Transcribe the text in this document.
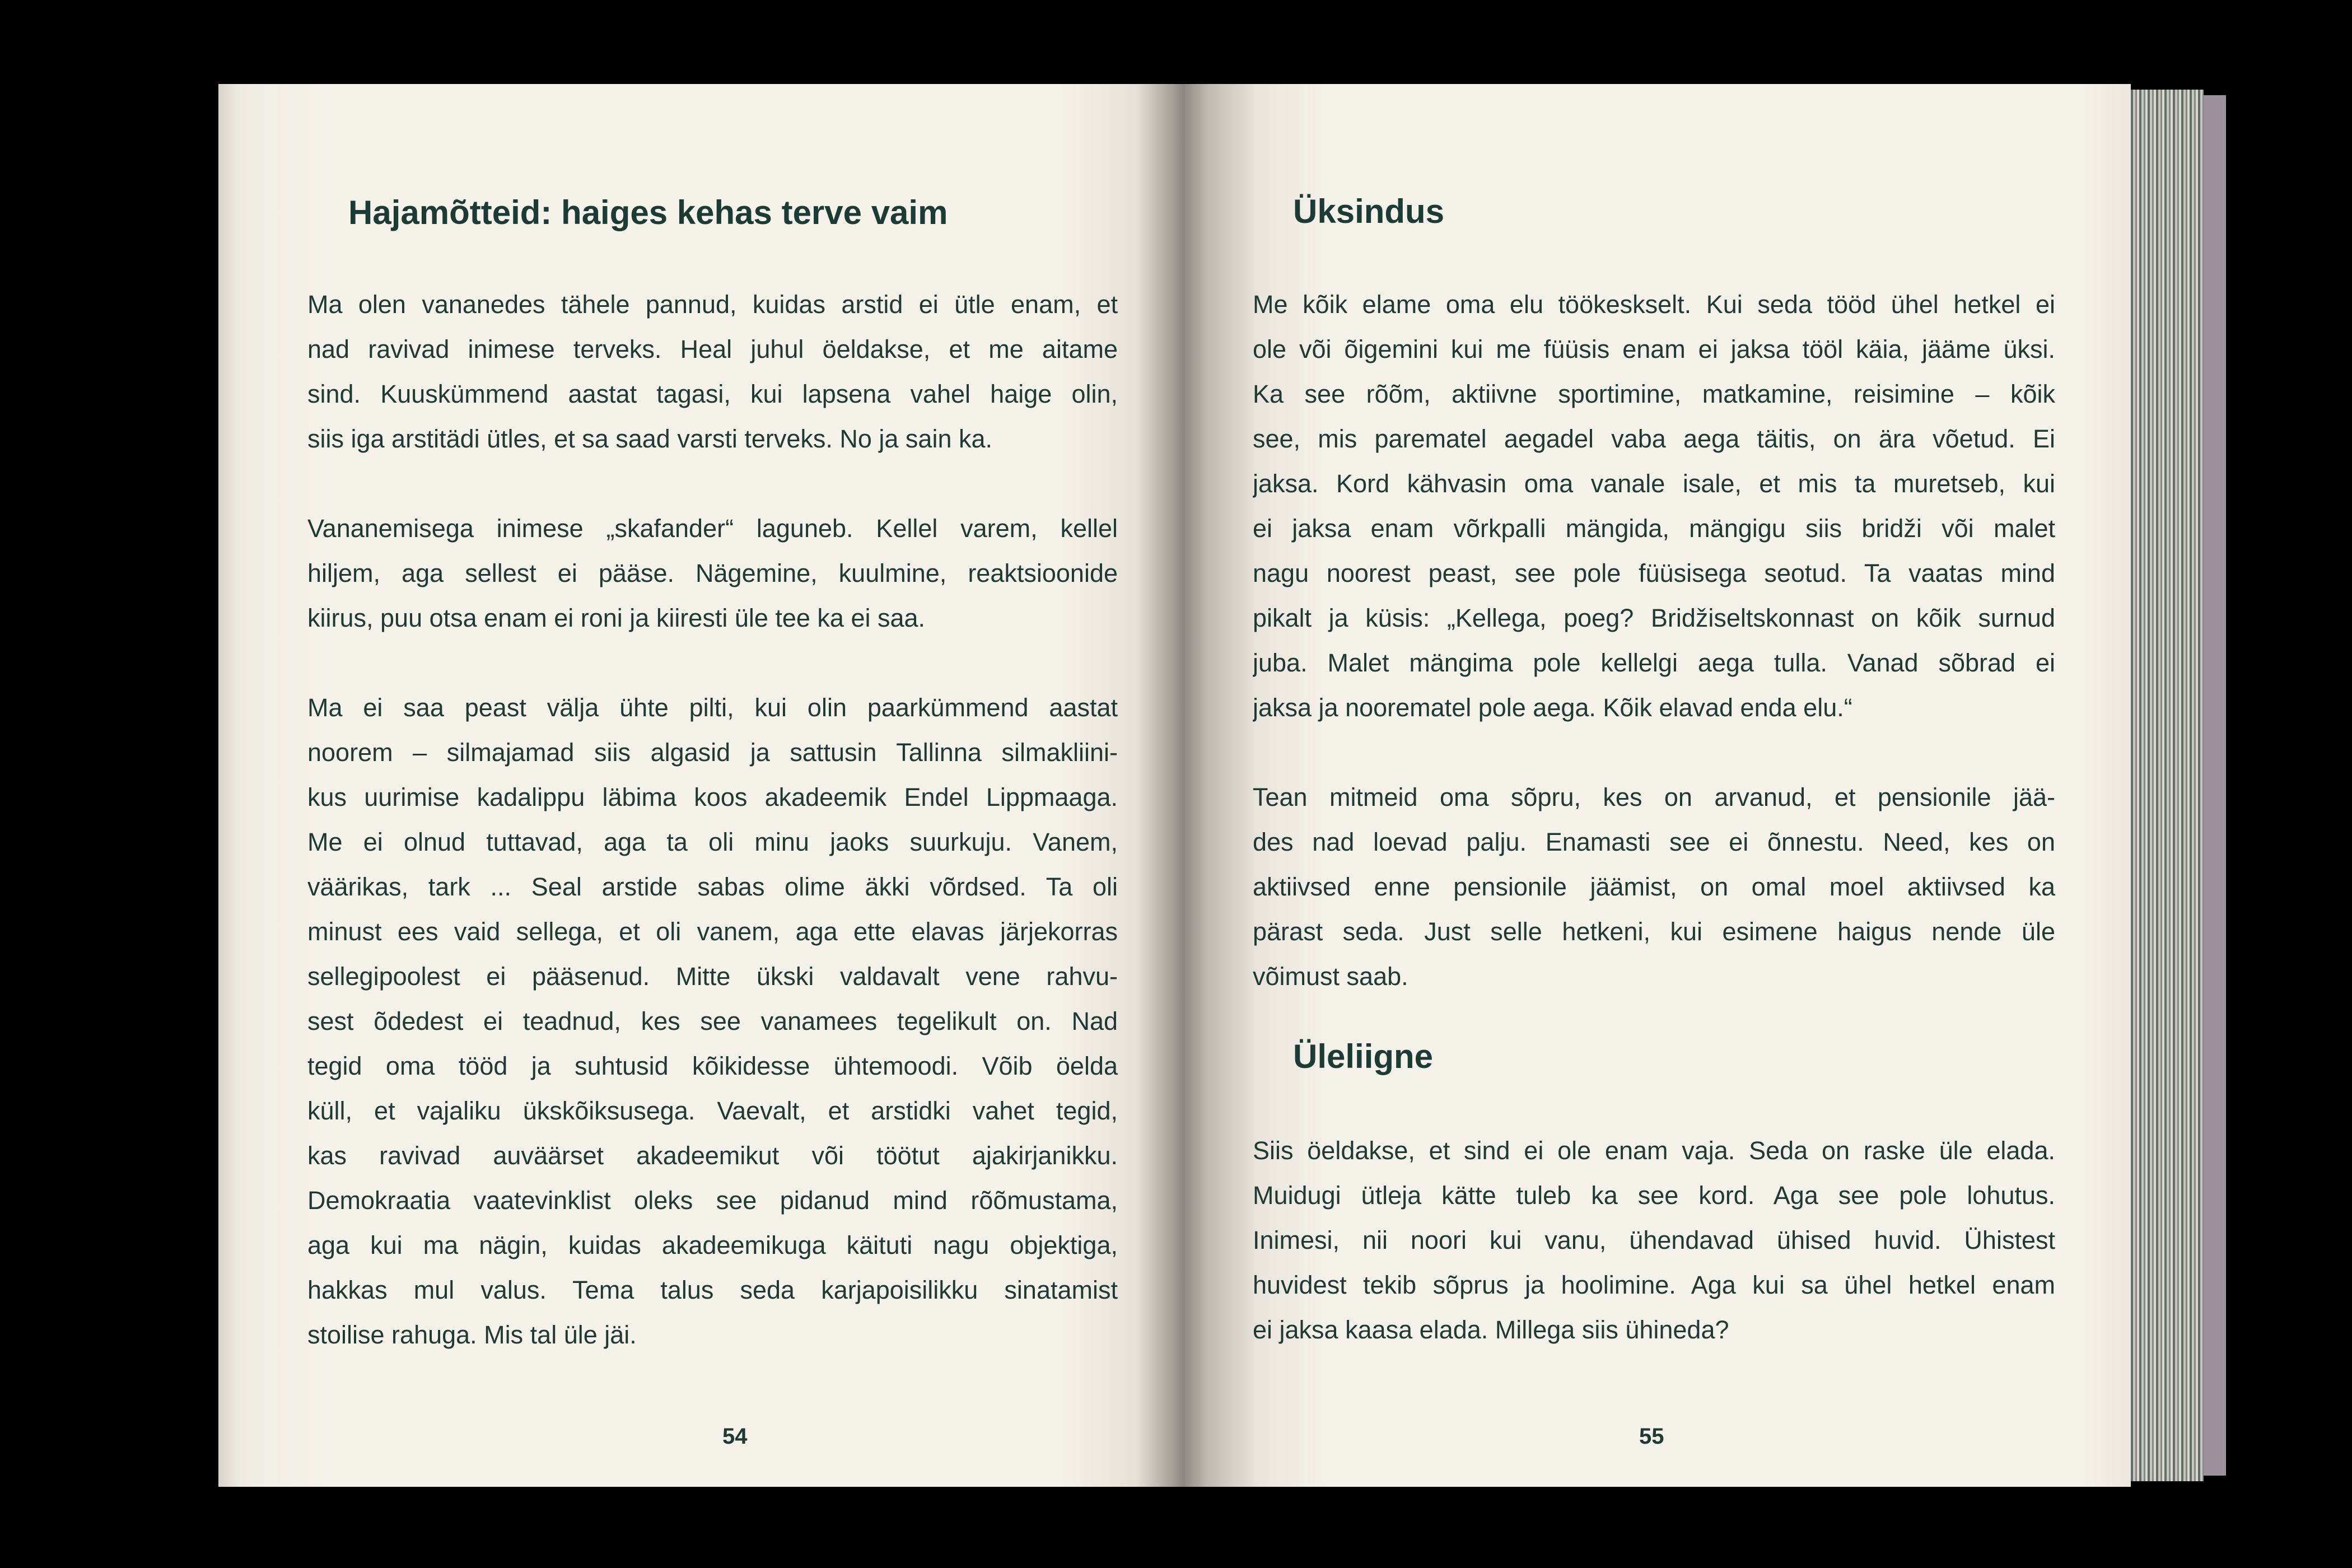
Hajamõtteid: haiges kehas terve vaim
Ma olen vananedes tähele pannud, kuidas arstid ei ütle enam, et
nad ravivad inimese terveks. Heal juhul öeldakse, et me aitame
sind. Kuuskümmend aastat tagasi, kui lapsena vahel haige olin,
siis iga arstitädi ütles, et sa saad varsti terveks. No ja sain ka.
Vananemisega inimese „skafander“ laguneb. Kellel varem, kellel
hiljem, aga sellest ei pääse. Nägemine, kuulmine, reaktsioonide
kiirus, puu otsa enam ei roni ja kiiresti üle tee ka ei saa.
Ma ei saa peast välja ühte pilti, kui olin paarkümmend aastat
noorem – silmajamad siis algasid ja sattusin Tallinna silmakliini-
kus uurimise kadalippu läbima koos akadeemik Endel Lippmaaga.
Me ei olnud tuttavad, aga ta oli minu jaoks suurkuju. Vanem,
väärikas, tark ... Seal arstide sabas olime äkki võrdsed. Ta oli
minust ees vaid sellega, et oli vanem, aga ette elavas järjekorras
sellegipoolest ei pääsenud. Mitte ükski valdavalt vene rahvu-
sest õdedest ei teadnud, kes see vanamees tegelikult on. Nad
tegid oma tööd ja suhtusid kõikidesse ühtemoodi. Võib öelda
küll, et vajaliku ükskõiksusega. Vaevalt, et arstidki vahet tegid,
kas ravivad auväärset akadeemikut või töötut ajakirjanikku.
Demokraatia vaatevinklist oleks see pidanud mind rõõmustama,
aga kui ma nägin, kuidas akadeemikuga käituti nagu objektiga,
hakkas mul valus. Tema talus seda karjapoisilikku sinatamist
stoilise rahuga. Mis tal üle jäi.
54
Üksindus
Me kõik elame oma elu töökeskselt. Kui seda tööd ühel hetkel ei
ole või õigemini kui me füüsis enam ei jaksa tööl käia, jääme üksi.
Ka see rõõm, aktiivne sportimine, matkamine, reisimine – kõik
see, mis parematel aegadel vaba aega täitis, on ära võetud. Ei
jaksa. Kord kähvasin oma vanale isale, et mis ta muretseb, kui
ei jaksa enam võrkpalli mängida, mängigu siis bridži või malet
nagu noorest peast, see pole füüsisega seotud. Ta vaatas mind
pikalt ja küsis: „Kellega, poeg? Bridžiseltskonnast on kõik surnud
juba. Malet mängima pole kellelgi aega tulla. Vanad sõbrad ei
jaksa ja noorematel pole aega. Kõik elavad enda elu.“
Tean mitmeid oma sõpru, kes on arvanud, et pensionile jää-
des nad loevad palju. Enamasti see ei õnnestu. Need, kes on
aktiivsed enne pensionile jäämist, on omal moel aktiivsed ka
pärast seda. Just selle hetkeni, kui esimene haigus nende üle
võimust saab.
Üleliigne
Siis öeldakse, et sind ei ole enam vaja. Seda on raske üle elada.
Muidugi ütleja kätte tuleb ka see kord. Aga see pole lohutus.
Inimesi, nii noori kui vanu, ühendavad ühised huvid. Ühistest
huvidest tekib sõprus ja hoolimine. Aga kui sa ühel hetkel enam
ei jaksa kaasa elada. Millega siis ühineda?
55
